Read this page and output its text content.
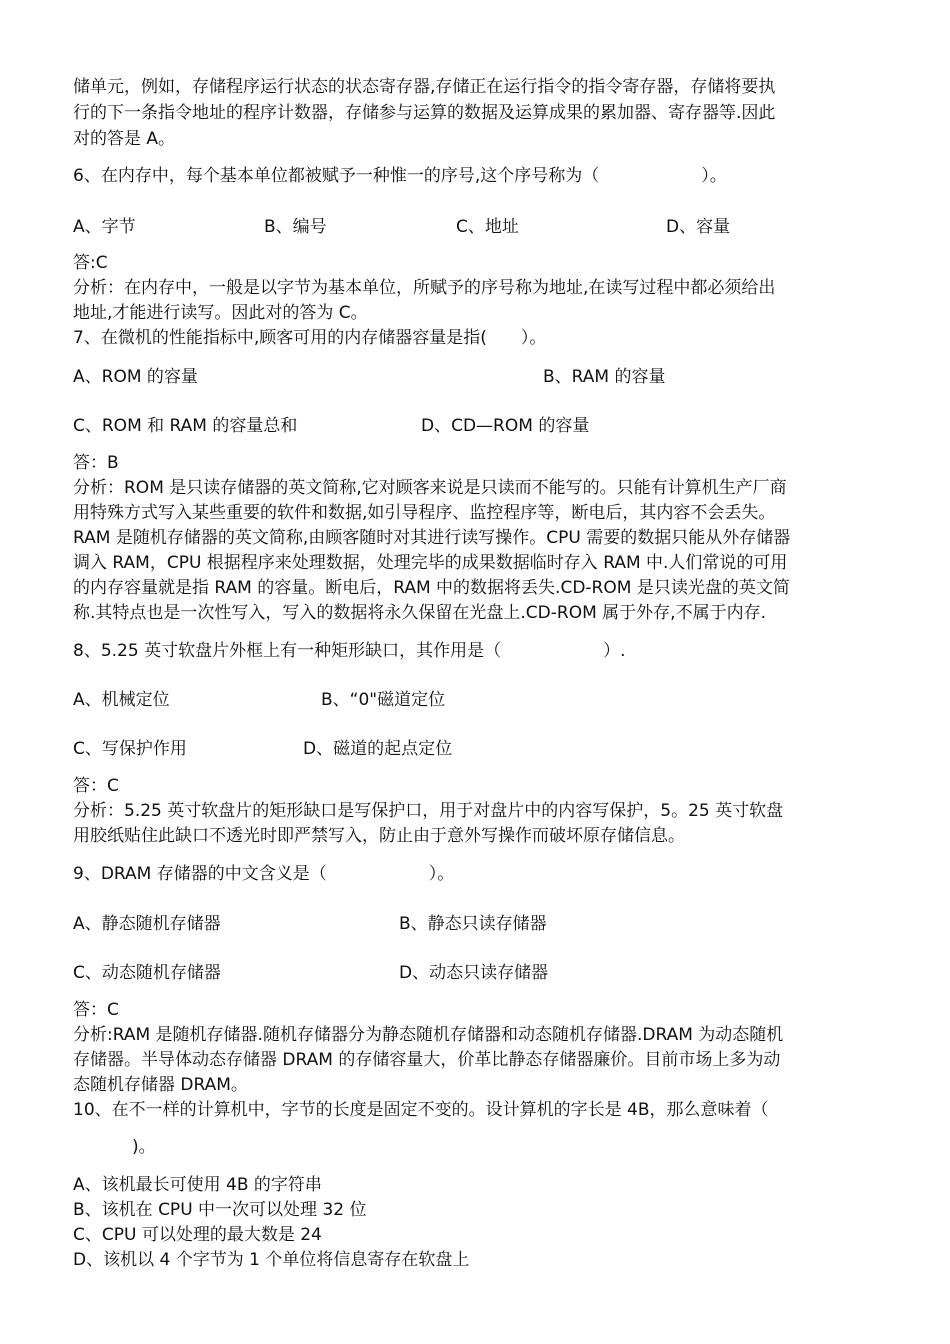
储单元，例如，存储程序运行状态的状态寄存器,存储正在运行指令的指令寄存器，存储将要执
行的下一条指令地址的程序计数器，存储参与运算的数据及运算成果的累加器、寄存器等.因此
对的答是 A。
6、在内存中，每个基本单位都被赋予一种惟一的序号,这个序号称为（　　　　　　）。
A、字节	B、编号	C、地址	D、容量
答:C
分析：在内存中，一般是以字节为基本单位，所赋予的序号称为地址,在读写过程中都必须给出
地址,才能进行读写。因此对的答为 C。
7、在微机的性能指标中,顾客可用的内存储器容量是指(　　）。
A、ROM 的容量	B、RAM 的容量
C、ROM 和 RAM 的容量总和	D、CD—ROM 的容量
答：B
分析：ROM 是只读存储器的英文简称,它对顾客来说是只读而不能写的。只能有计算机生产厂商
用特殊方式写入某些重要的软件和数据,如引导程序、监控程序等，断电后，其内容不会丢失。
RAM 是随机存储器的英文简称,由顾客随时对其进行读写操作。CPU 需要的数据只能从外存储器
调入 RAM，CPU 根据程序来处理数据，处理完毕的成果数据临时存入 RAM 中.人们常说的可用
的内存容量就是指 RAM 的容量。断电后，RAM 中的数据将丢失.CD-ROM 是只读光盘的英文简
称.其特点也是一次性写入，写入的数据将永久保留在光盘上.CD-ROM 属于外存,不属于内存.
8、5.25 英寸软盘片外框上有一种矩形缺口，其作用是（　　　　　　）.
A、机械定位	B、“0"磁道定位
C、写保护作用	D、磁道的起点定位
答：C
分析：5.25 英寸软盘片的矩形缺口是写保护口，用于对盘片中的内容写保护，5。25 英寸软盘
用胶纸贴住此缺口不透光时即严禁写入，防止由于意外写操作而破坏原存储信息。
9、DRAM 存储器的中文含义是（　　　　　　）。
A、静态随机存储器	B、静态只读存储器
C、动态随机存储器	D、动态只读存储器
答：C
分析:RAM 是随机存储器.随机存储器分为静态随机存储器和动态随机存储器.DRAM 为动态随机
存储器。半导体动态存储器 DRAM 的存储容量大，价革比静态存储器廉价。目前市场上多为动
态随机存储器 DRAM。
10、在不一样的计算机中，字节的长度是固定不变的。设计算机的字长是 4B，那么意味着（
)。
A、该机最长可使用 4B 的字符串
B、该机在 CPU 中一次可以处理 32 位
C、CPU 可以处理的最大数是 24
D、该机以 4 个字节为 1 个单位将信息寄存在软盘上
